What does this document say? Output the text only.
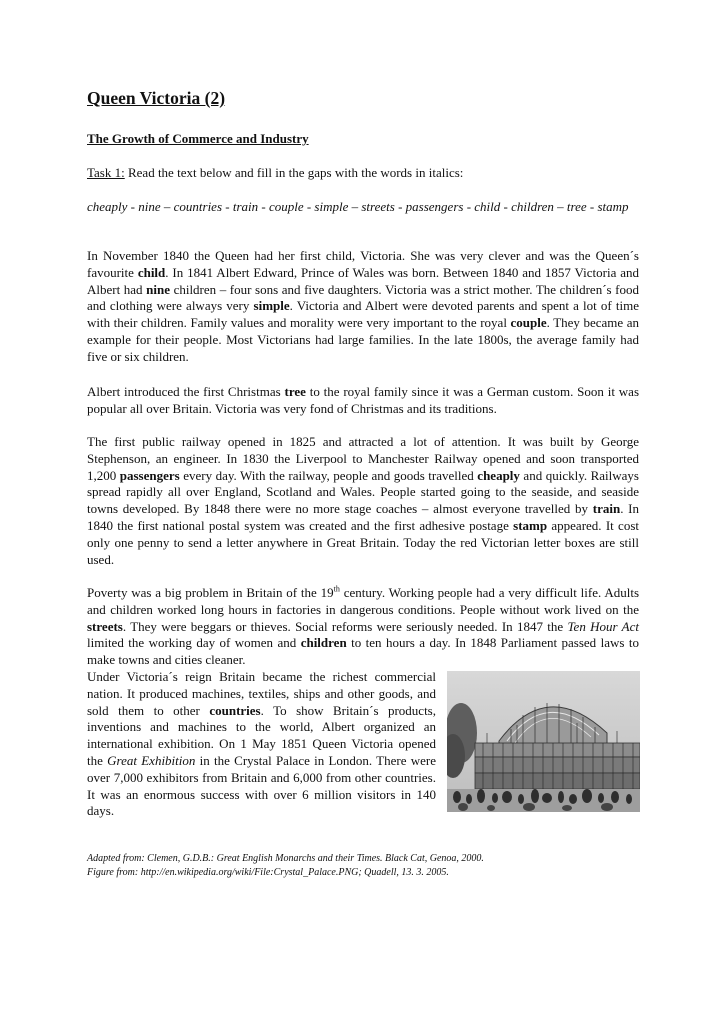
Queen Victoria (2)
The Growth of Commerce and Industry

Task 1: Read the text below and fill in the gaps with the words in italics:

cheaply - nine – countries - train - couple - simple – streets - passengers - child - children – tree - stamp

In November 1840 the Queen had her first child, Victoria. She was very clever and was the Queen´s favourite child. In 1841 Albert Edward, Prince of Wales was born. Between 1840 and 1857 Victoria and Albert had nine children – four sons and five daughters. Victoria was a strict mother. The children´s food and clothing were always very simple. Victoria and Albert were devoted parents and spent a lot of time with their children. Family values and morality were very important to the royal couple. They became an example for their people. Most Victorians had large families. In the late 1800s, the average family had five or six children.

Albert introduced the first Christmas tree to the royal family since it was a German custom. Soon it was popular all over Britain. Victoria was very fond of Christmas and its traditions.

The first public railway opened in 1825 and attracted a lot of attention. It was built by George Stephenson, an engineer. In 1830 the Liverpool to Manchester Railway opened and soon transported 1,200 passengers every day. With the railway, people and goods travelled cheaply and quickly. Railways spread rapidly all over England, Scotland and Wales. People started going to the seaside, and seaside towns developed. By 1848 there were no more stage coaches – almost everyone travelled by train. In 1840 the first national postal system was created and the first adhesive postage stamp appeared. It cost only one penny to send a letter anywhere in Great Britain. Today the red Victorian letter boxes are still used.

Poverty was a big problem in Britain of the 19th century. Working people had a very difficult life. Adults and children worked long hours in factories in dangerous conditions. People without work lived on the streets. They were beggars or thieves. Social reforms were seriously needed. In 1847 the Ten Hour Act limited the working day of women and children to ten hours a day. In 1848 Parliament passed laws to make towns and cities cleaner.

Under Victoria´s reign Britain became the richest commercial nation. It produced machines, textiles, ships and other goods, and sold them to other countries. To show Britain´s products, inventions and machines to the world, Albert organized an international exhibition. On 1 May 1851 Queen Victoria opened the Great Exhibition in the Crystal Palace in London. There were over 7,000 exhibitors from Britain and 6,000 from other countries. It was an enormous success with over 6 million visitors in 140 days.

Adapted from: Clemen, G.D.B.: Great English Monarchs and their Times. Black Cat, Genoa, 2000.
Figure from: http://en.wikipedia.org/wiki/File:Crystal_Palace.PNG; Quadell, 13. 3. 2005.
